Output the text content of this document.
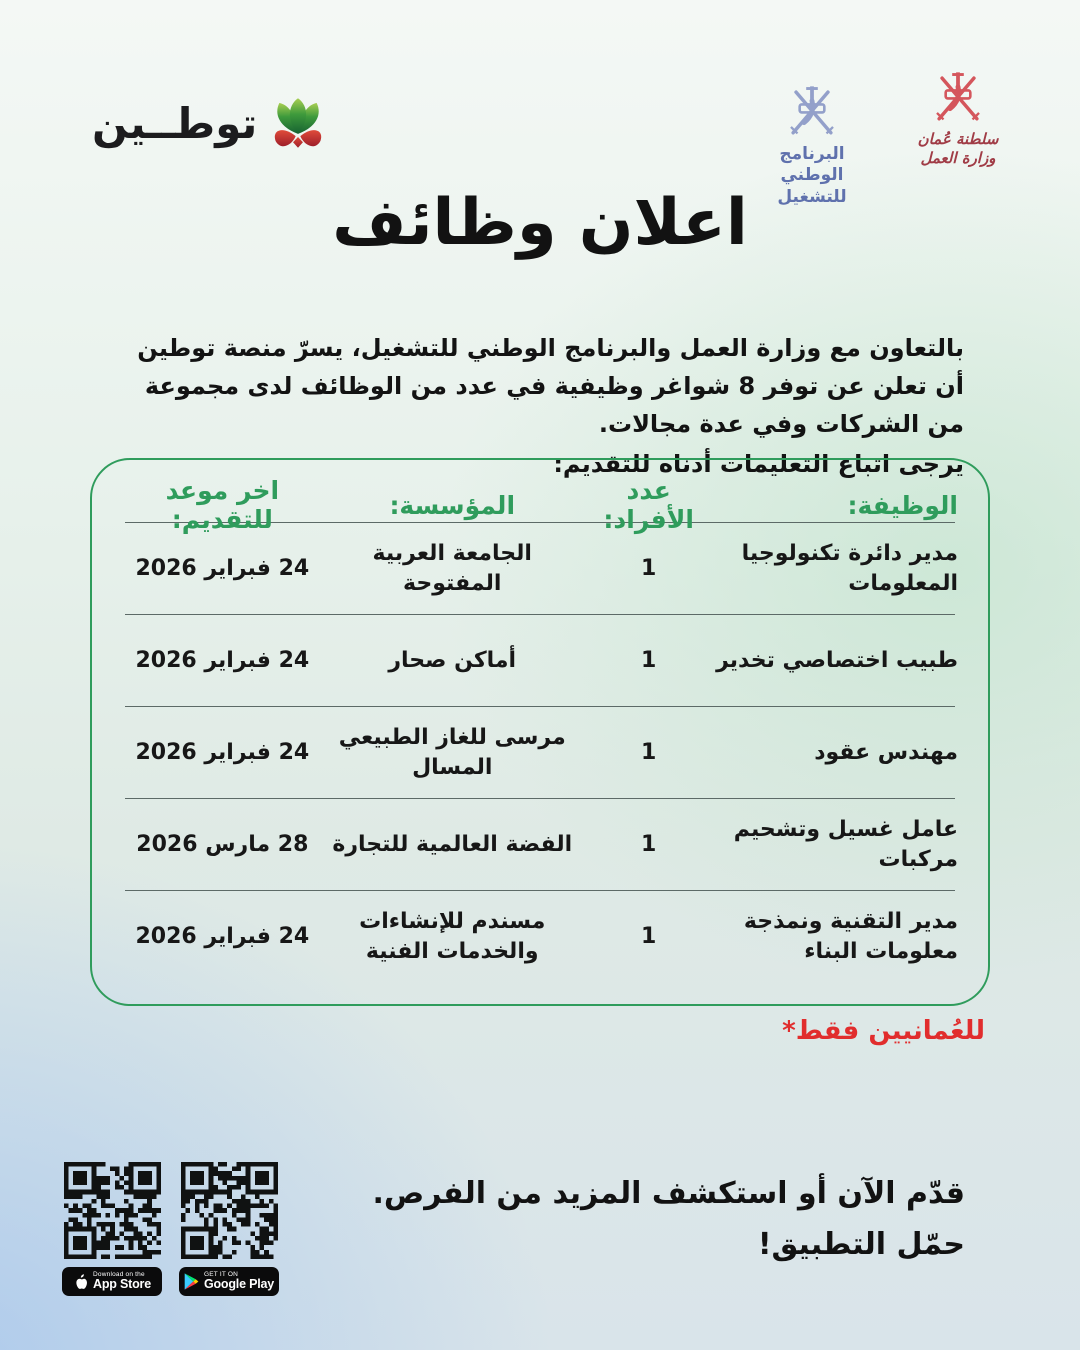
توطــين
البرنامج الوطني
للتشغيل
سلطنة عُمان
وزارة العمل
اعلان وظائف

بالتعاون مع وزارة العمل والبرنامج الوطني للتشغيل، يسرّ منصة توطين أن تعلن عن توفر 8 شواغر وظيفية في عدد من الوظائف لدى مجموعة من الشركات وفي عدة مجالات.

يرجى اتباع التعليمات أدناه للتقديم:

الوظيفة:
عدد الأفراد:
المؤسسة:
اخر موعد للتقديم:
مدير دائرة تكنولوجيا المعلومات
1
الجامعة العربية المفتوحة
24 فبراير 2026
طبيب اختصاصي تخدير
1
أماكن صحار
24 فبراير 2026
مهندس عقود
1
مرسى للغاز الطبيعي المسال
24 فبراير 2026
عامل غسيل وتشحيم مركبات
1
الفضة العالمية للتجارة
28 مارس 2026
مدير التقنية ونمذجة معلومات البناء
1
مسندم للإنشاءات والخدمات الفنية
24 فبراير 2026
للعُمانيين فقط*
قدّم الآن أو استكشف المزيد من الفرص.
حمّل التطبيق!
Download on the
App Store
GET IT ON
Google Play
